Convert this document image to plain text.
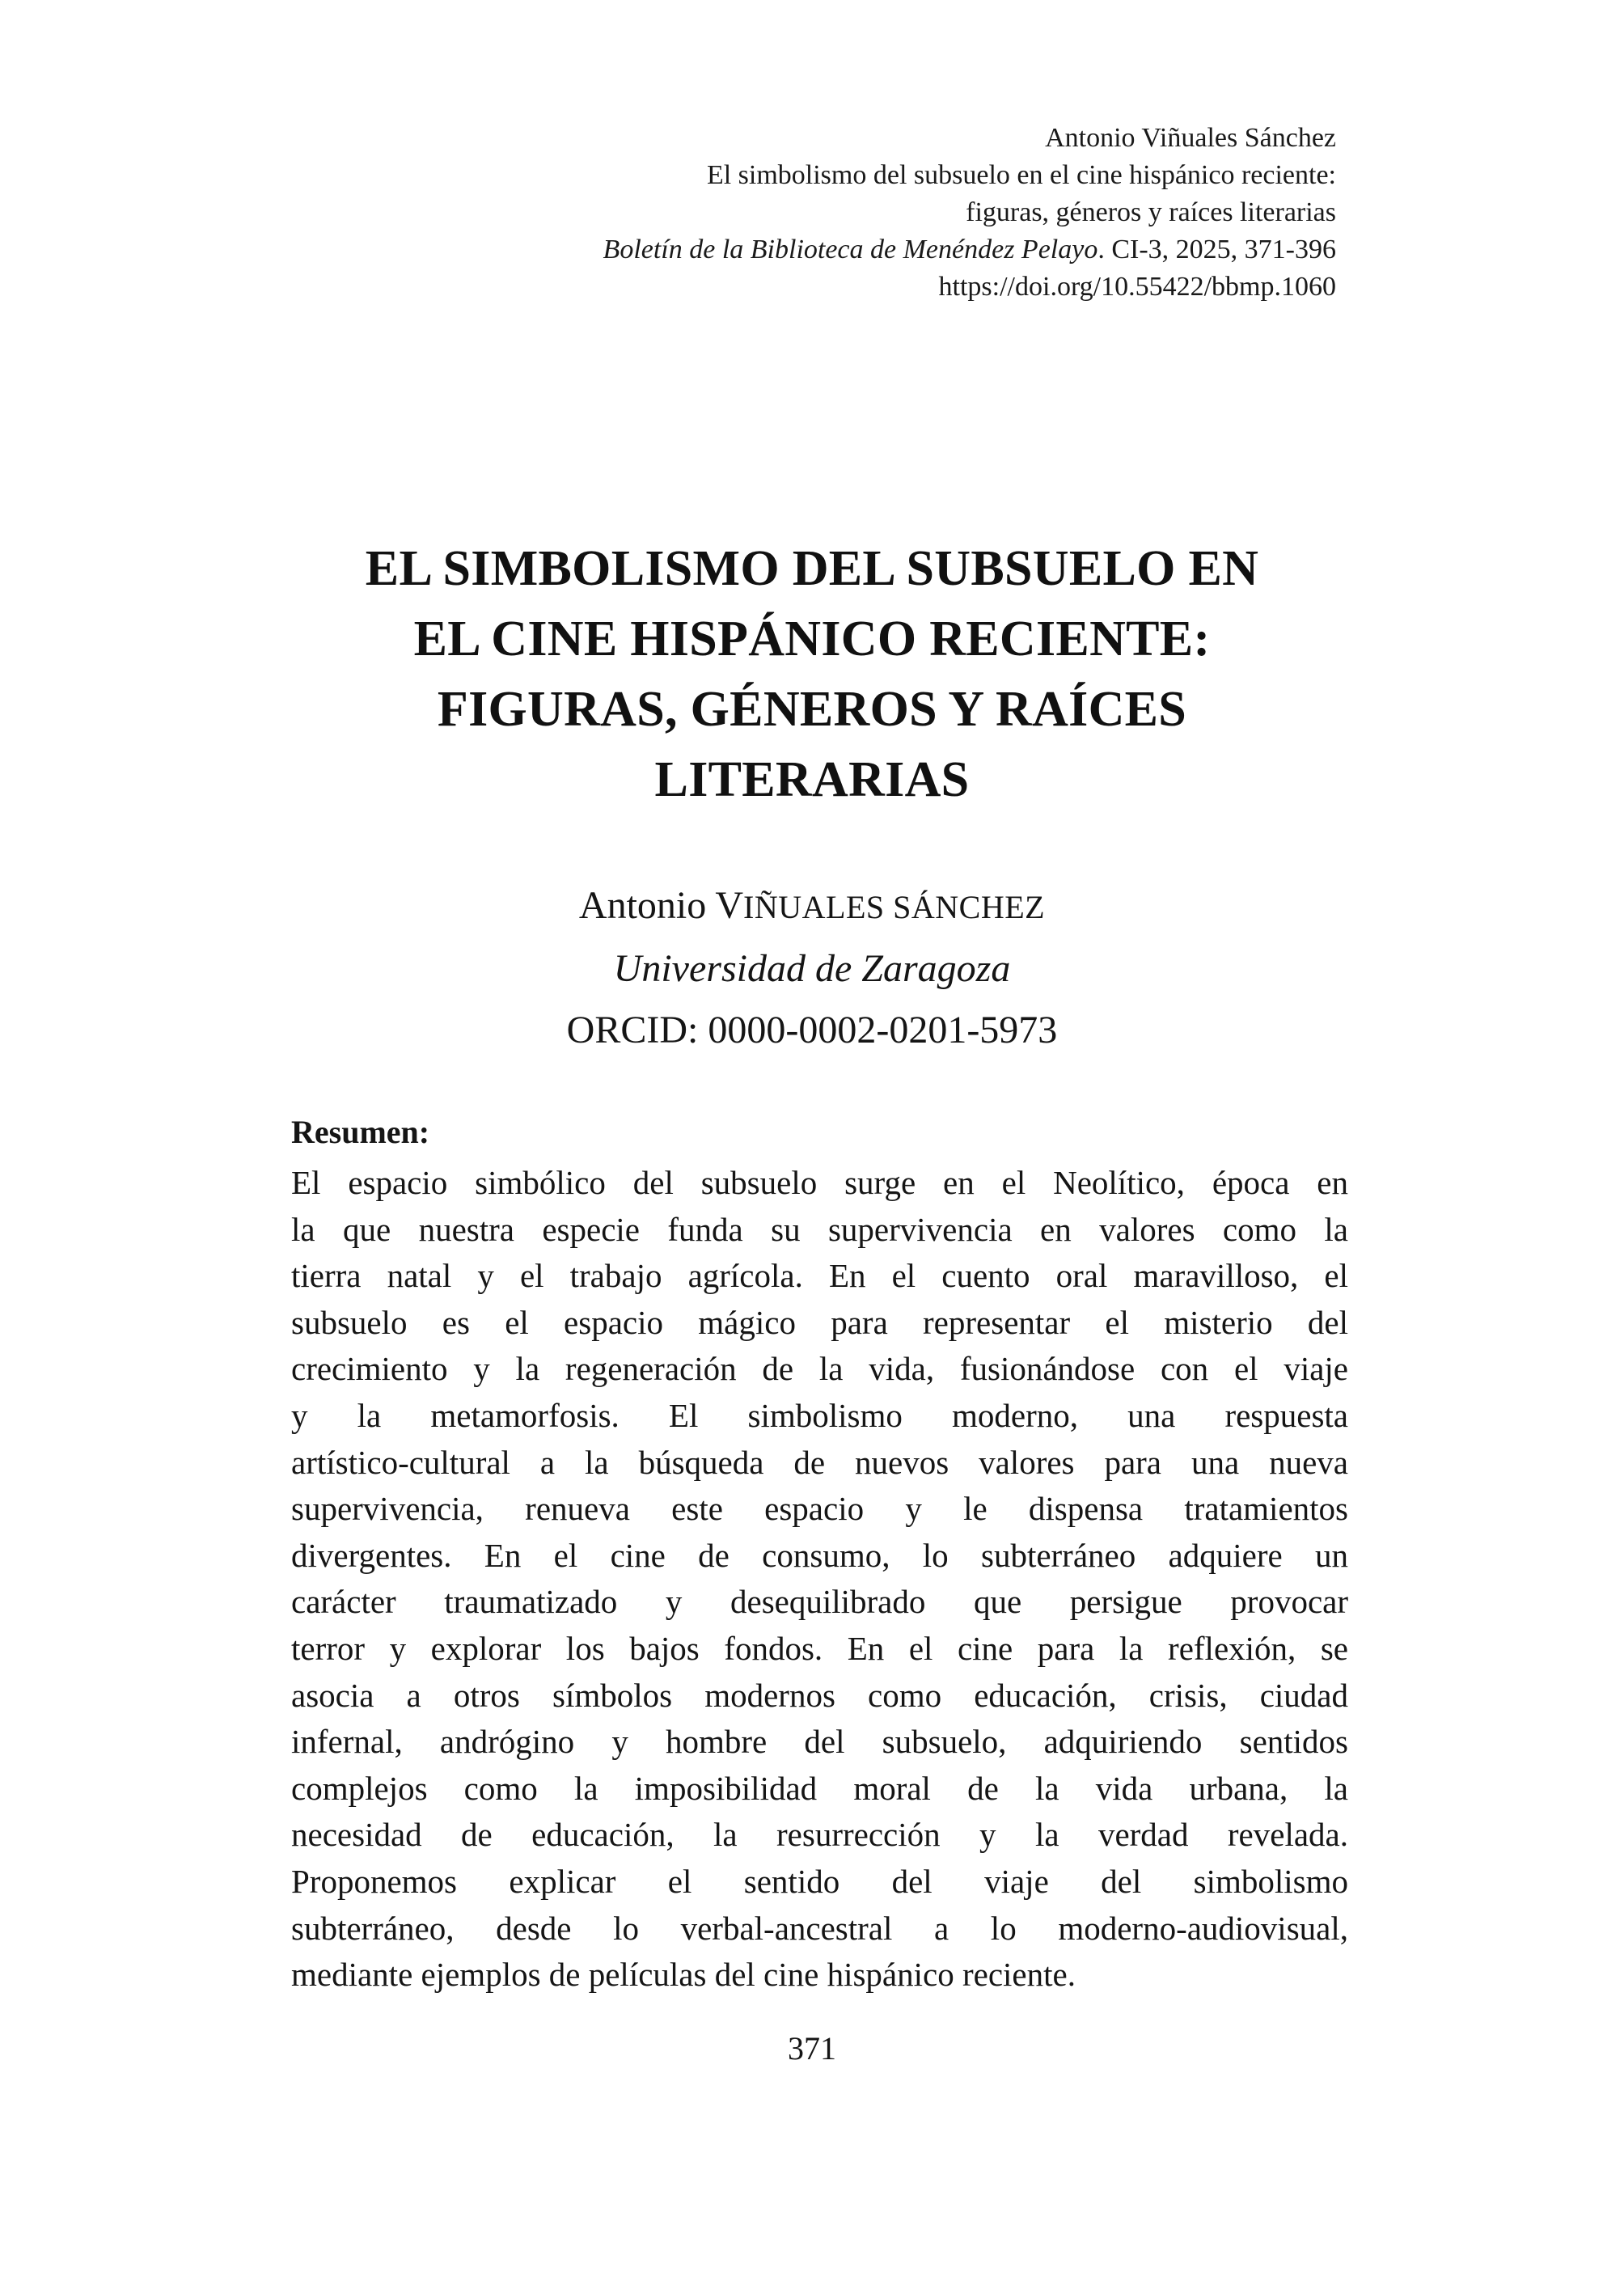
Antonio Viñuales Sánchez
El simbolismo del subsuelo en el cine hispánico reciente:
figuras, géneros y raíces literarias
Boletín de la Biblioteca de Menéndez Pelayo. CI-3, 2025, 371-396
https://doi.org/10.55422/bbmp.1060
EL SIMBOLISMO DEL SUBSUELO EN
EL CINE HISPÁNICO RECIENTE:
FIGURAS, GÉNEROS Y RAÍCES
LITERARIAS
Antonio VIÑUALES SÁNCHEZ
Universidad de Zaragoza
ORCID: 0000-0002-0201-5973
Resumen:
El espacio simbólico del subsuelo surge en el Neolítico, época en
la que nuestra especie funda su supervivencia en valores como la
tierra natal y el trabajo agrícola. En el cuento oral maravilloso, el
subsuelo es el espacio mágico para representar el misterio del
crecimiento y la regeneración de la vida, fusionándose con el viaje
y la metamorfosis. El simbolismo moderno, una respuesta
artístico-cultural a la búsqueda de nuevos valores para una nueva
supervivencia, renueva este espacio y le dispensa tratamientos
divergentes. En el cine de consumo, lo subterráneo adquiere un
carácter traumatizado y desequilibrado que persigue provocar
terror y explorar los bajos fondos. En el cine para la reflexión, se
asocia a otros símbolos modernos como educación, crisis, ciudad
infernal, andrógino y hombre del subsuelo, adquiriendo sentidos
complejos como la imposibilidad moral de la vida urbana, la
necesidad de educación, la resurrección y la verdad revelada.
Proponemos explicar el sentido del viaje del simbolismo
subterráneo, desde lo verbal-ancestral a lo moderno-audiovisual,
mediante ejemplos de películas del cine hispánico reciente.
371
